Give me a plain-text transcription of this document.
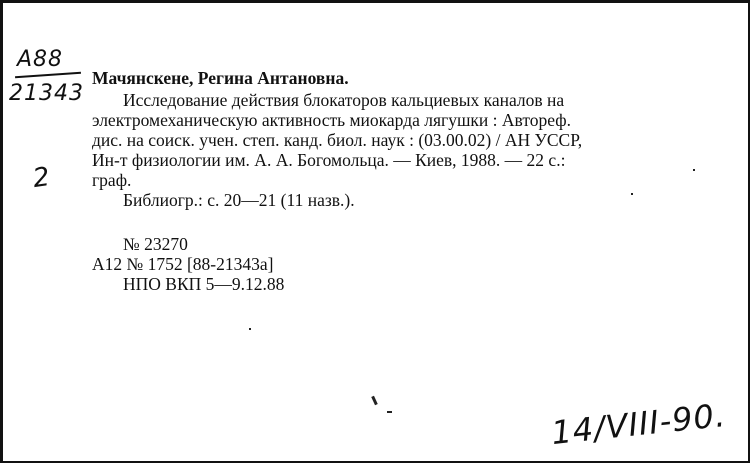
A88
21343
2
Мачянскене, Регина Антановна.
Исследование действия блокаторов кальциевых каналов на
электромеханическую активность миокарда лягушки : Автореф.
дис. на соиск. учен. степ. канд. биол. наук : (03.00.02) / АН УССР,
Ин-т физиологии им. А. А. Богомольца. — Киев, 1988. — 22 с.:
граф.
Библиогр.: с. 20—21 (11 назв.).
№ 23270
А12 № 1752 [88-21343а]
НПО ВКП 5—9.12.88
14/VIII-90.
